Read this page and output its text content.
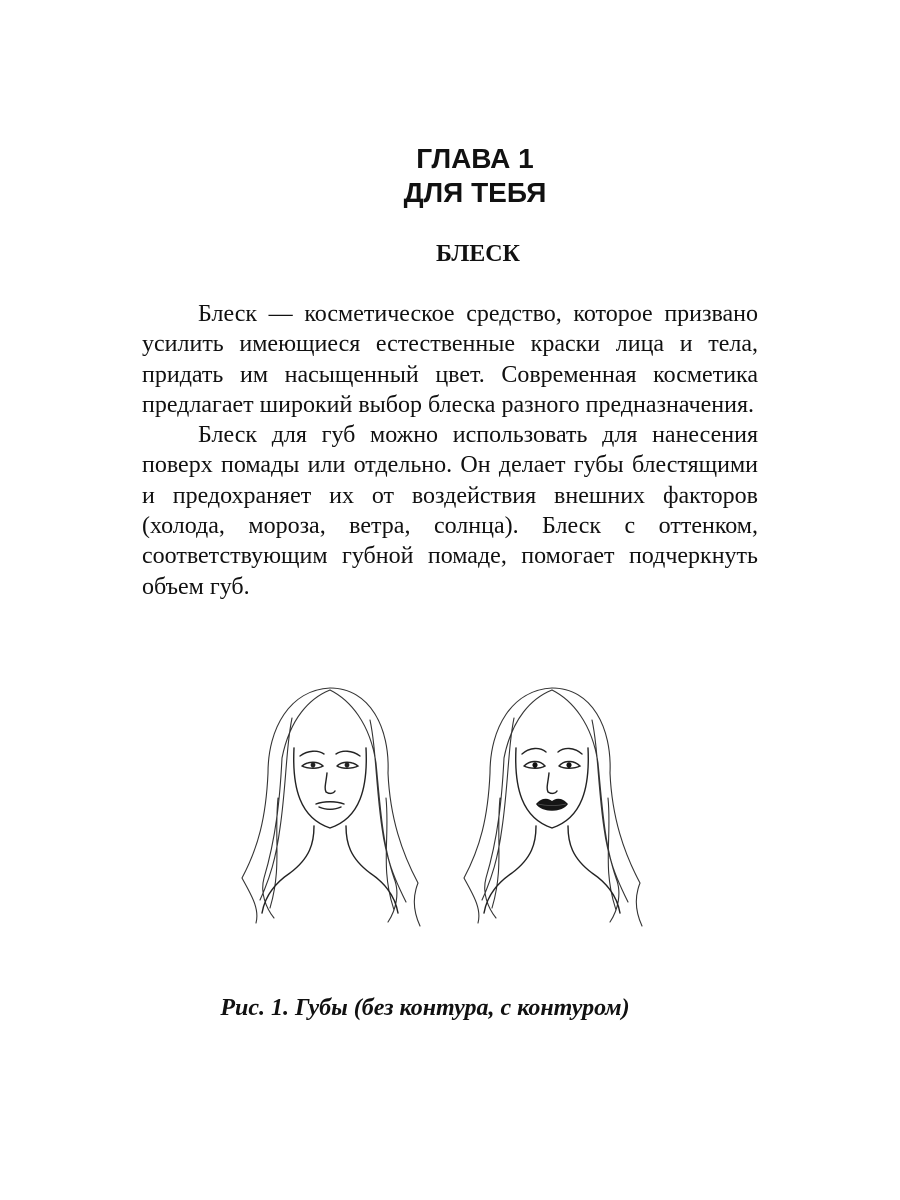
ГЛАВА 1
ДЛЯ ТЕБЯ
БЛЕСК

Блеск — косметическое средство, которое призвано усилить имеющиеся естественные краски лица и тела, придать им насыщенный цвет. Современная косметика предлагает широкий выбор блеска разного предназначения.

Блеск для губ можно использовать для нанесения поверх помады или отдельно. Он делает губы блестящими и предохраняет их от воздействия внешних факторов (холода, мороза, ветра, солнца). Блеск с оттенком, соответствующим губной помаде, помогает подчеркнуть объем губ.

Рис. 1. Губы (без контура, с контуром)
